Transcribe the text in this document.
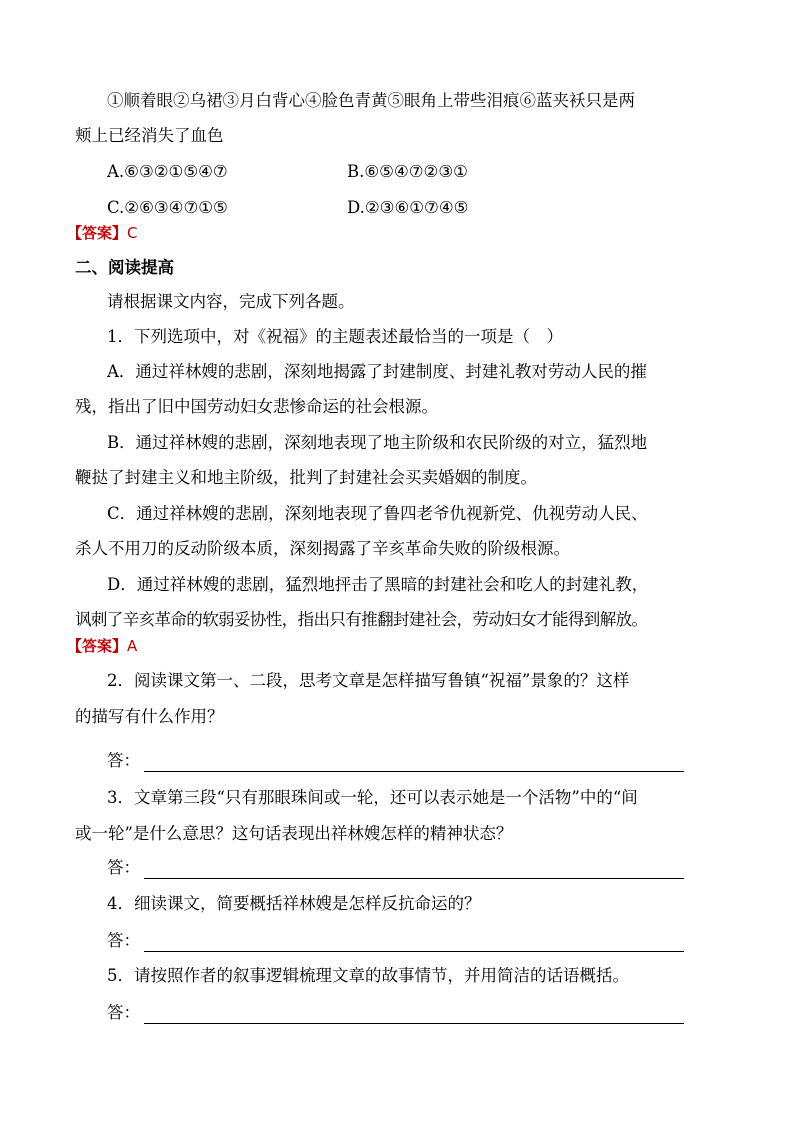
①顺着眼②乌裙③月白背心④脸色青黄⑤眼角上带些泪痕⑥蓝夹袄只是两
颊上已经消失了血色
A.⑥③②①⑤④⑦	B.⑥⑤④⑦②③①
C.②⑥③④⑦①⑤	D.②③⑥①⑦④⑤
【答案】C
二、阅读提高
请根据课文内容，完成下列各题。
1．下列选项中，对《祝福》的主题表述最恰当的一项是（　）
A．通过祥林嫂的悲剧，深刻地揭露了封建制度、封建礼教对劳动人民的摧
残，指出了旧中国劳动妇女悲惨命运的社会根源。
B．通过祥林嫂的悲剧，深刻地表现了地主阶级和农民阶级的对立，猛烈地
鞭挞了封建主义和地主阶级，批判了封建社会买卖婚姻的制度。
C．通过祥林嫂的悲剧，深刻地表现了鲁四老爷仇视新党、仇视劳动人民、
杀人不用刀的反动阶级本质，深刻揭露了辛亥革命失败的阶级根源。
D．通过祥林嫂的悲剧，猛烈地抨击了黑暗的封建社会和吃人的封建礼教，
讽刺了辛亥革命的软弱妥协性，指出只有推翻封建社会，劳动妇女才能得到解放。
【答案】A
2．阅读课文第一、二段，思考文章是怎样描写鲁镇“祝福”景象的？这样
的描写有什么作用？
答：
3．文章第三段“只有那眼珠间或一轮，还可以表示她是一个活物”中的“间
或一轮”是什么意思？这句话表现出祥林嫂怎样的精神状态？
答：
4．细读课文，简要概括祥林嫂是怎样反抗命运的？
答：
5．请按照作者的叙事逻辑梳理文章的故事情节，并用简洁的话语概括。
答：
